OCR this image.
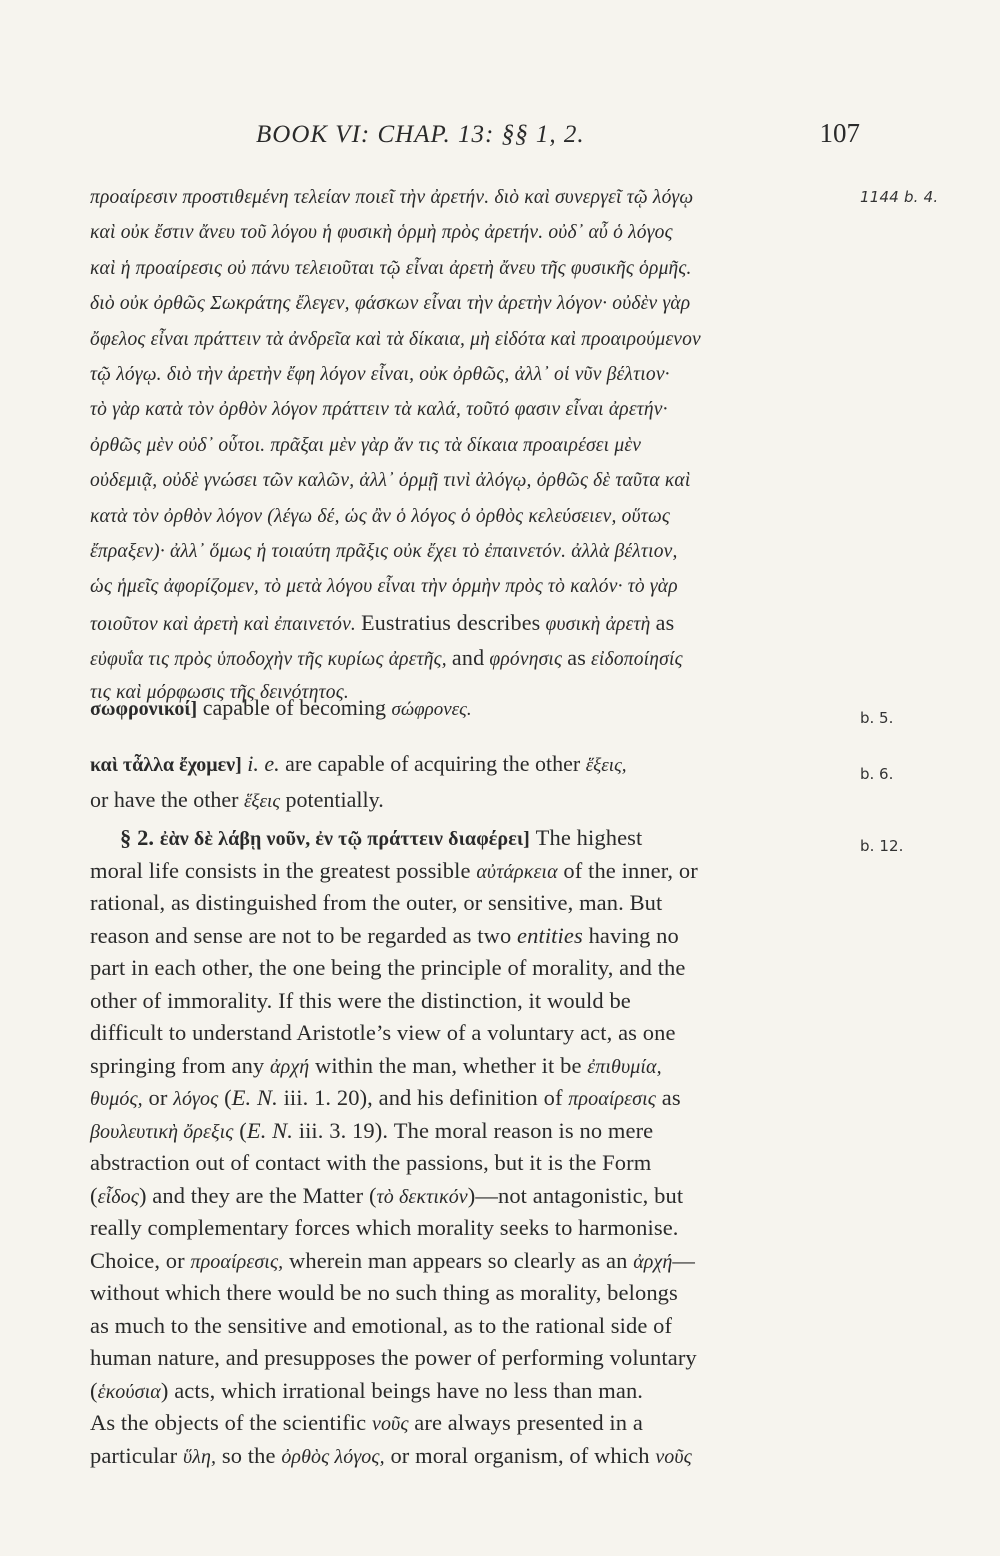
BOOK VI: CHAP. 13: §§ 1, 2.	107
προαίρεσιν προστιθεμένη τελείαν ποιεῖ τὴν ἀρετήν. διὸ καὶ συνεργεῖ τῷ λόγῳ	1144 b. 4.
καὶ οὐκ ἔστιν ἄνευ τοῦ λόγου ἡ φυσικὴ ὁρμὴ πρὸς ἀρετήν. οὐδ᾽ αὖ ὁ λόγος
καὶ ἡ προαίρεσις οὐ πάνυ τελειοῦται τῷ εἶναι ἀρετὴ ἄνευ τῆς φυσικῆς ὁρμῆς.
διὸ οὐκ ὀρθῶς Σωκράτης ἔλεγεν, φάσκων εἶναι τὴν ἀρετὴν λόγον· οὐδὲν γὰρ
ὄφελος εἶναι πράττειν τὰ ἀνδρεῖα καὶ τὰ δίκαια, μὴ εἰδότα καὶ προαιρούμενον
τῷ λόγῳ. διὸ τὴν ἀρετὴν ἔφη λόγον εἶναι, οὐκ ὀρθῶς, ἀλλ᾽ οἱ νῦν βέλτιον·
τὸ γὰρ κατὰ τὸν ὀρθὸν λόγον πράττειν τὰ καλά, τοῦτό φασιν εἶναι ἀρετήν·
ὀρθῶς μὲν οὐδ᾽ οὗτοι. πρᾶξαι μὲν γὰρ ἄν τις τὰ δίκαια προαιρέσει μὲν
οὐδεμιᾷ, οὐδὲ γνώσει τῶν καλῶν, ἀλλ᾽ ὁρμῇ τινὶ ἀλόγῳ, ὀρθῶς δὲ ταῦτα καὶ
κατὰ τὸν ὀρθὸν λόγον (λέγω δέ, ὡς ἂν ὁ λόγος ὁ ὀρθὸς κελεύσειεν, οὕτως
ἔπραξεν)· ἀλλ᾽ ὅμως ἡ τοιαύτη πρᾶξις οὐκ ἔχει τὸ ἐπαινετόν. ἀλλὰ βέλτιον,
ὡς ἡμεῖς ἀφορίζομεν, τὸ μετὰ λόγου εἶναι τὴν ὁρμὴν πρὸς τὸ καλόν· τὸ γὰρ
τοιοῦτον καὶ ἀρετὴ καὶ ἐπαινετόν. Eustratius describes φυσικὴ ἀρετὴ as
εὐφυΐα τις πρὸς ὑποδοχὴν τῆς κυρίως ἀρετῆς, and φρόνησις as εἰδοποίησίς
τις καὶ μόρφωσις τῆς δεινότητος.
σωφρονικοί] capable of becoming σώφρονες.	b. 5.
καὶ τἆλλα ἔχομεν] i. e. are capable of acquiring the other ἕξεις,	b. 6.
or have the other ἕξεις potentially.
§ 2. ἐὰν δὲ λάβῃ νοῦν, ἐν τῷ πράττειν διαφέρει] The highest	b. 12.
moral life consists in the greatest possible αὐτάρκεια of the inner, or
rational, as distinguished from the outer, or sensitive, man. But
reason and sense are not to be regarded as two entities having no
part in each other, the one being the principle of morality, and the
other of immorality. If this were the distinction, it would be
difficult to understand Aristotle’s view of a voluntary act, as one
springing from any ἀρχή within the man, whether it be ἐπιθυμία,
θυμός, or λόγος (E. N. iii. 1. 20), and his definition of προαίρεσις as
βουλευτικὴ ὄρεξις (E. N. iii. 3. 19). The moral reason is no mere
abstraction out of contact with the passions, but it is the Form
(εἶδος) and they are the Matter (τὸ δεκτικόν)—not antagonistic, but
really complementary forces which morality seeks to harmonise.
Choice, or προαίρεσις, wherein man appears so clearly as an ἀρχή—
without which there would be no such thing as morality, belongs
as much to the sensitive and emotional, as to the rational side of
human nature, and presupposes the power of performing voluntary
(ἑκούσια) acts, which irrational beings have no less than man.
As the objects of the scientific νοῦς are always presented in a
particular ὕλη, so the ὀρθὸς λόγος, or moral organism, of which νοῦς
